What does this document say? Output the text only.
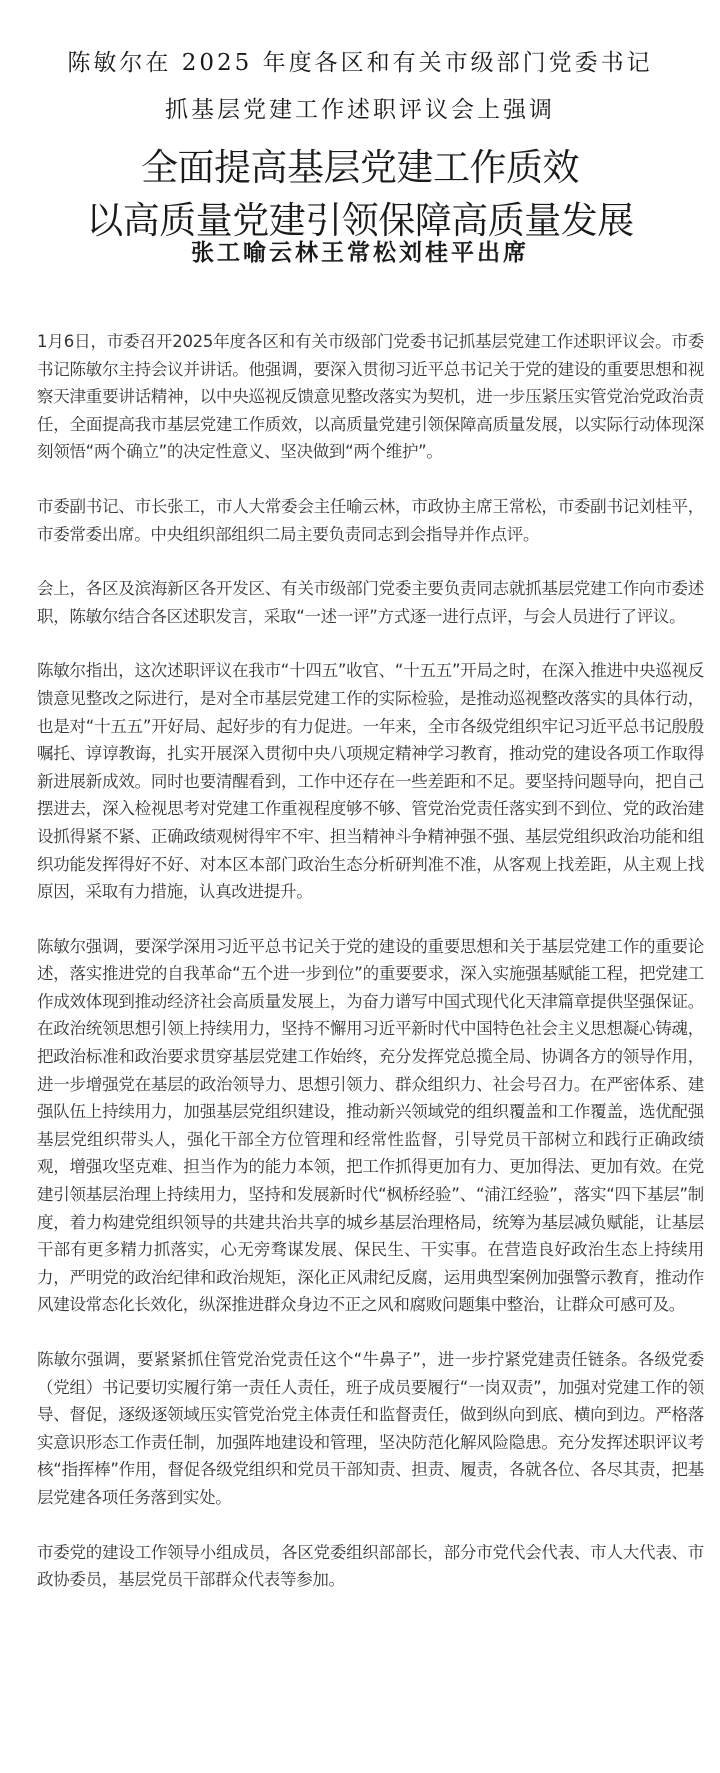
陈敏尔在 2025 年度各区和有关市级部门党委书记
抓基层党建工作述职评议会上强调
全面提高基层党建工作质效
以高质量党建引领保障高质量发展
张工喻云林王常松刘桂平出席

1月6日，市委召开2025年度各区和有关市级部门党委书记抓基层党建工作述职评议会。市委书记陈敏尔主持会议并讲话。他强调，要深入贯彻习近平总书记关于党的建设的重要思想和视察天津重要讲话精神，以中央巡视反馈意见整改落实为契机，进一步压紧压实管党治党政治责任，全面提高我市基层党建工作质效，以高质量党建引领保障高质量发展，以实际行动体现深刻领悟“两个确立”的决定性意义、坚决做到“两个维护”。

市委副书记、市长张工，市人大常委会主任喻云林，市政协主席王常松，市委副书记刘桂平，市委常委出席。中央组织部组织二局主要负责同志到会指导并作点评。

会上，各区及滨海新区各开发区、有关市级部门党委主要负责同志就抓基层党建工作向市委述职，陈敏尔结合各区述职发言，采取“一述一评”方式逐一进行点评，与会人员进行了评议。

陈敏尔指出，这次述职评议在我市“十四五”收官、“十五五”开局之时，在深入推进中央巡视反馈意见整改之际进行，是对全市基层党建工作的实际检验，是推动巡视整改落实的具体行动，也是对“十五五”开好局、起好步的有力促进。一年来，全市各级党组织牢记习近平总书记殷殷嘱托、谆谆教诲，扎实开展深入贯彻中央八项规定精神学习教育，推动党的建设各项工作取得新进展新成效。同时也要清醒看到，工作中还存在一些差距和不足。要坚持问题导向，把自己摆进去，深入检视思考对党建工作重视程度够不够、管党治党责任落实到不到位、党的政治建设抓得紧不紧、正确政绩观树得牢不牢、担当精神斗争精神强不强、基层党组织政治功能和组织功能发挥得好不好、对本区本部门政治生态分析研判准不准，从客观上找差距，从主观上找原因，采取有力措施，认真改进提升。

陈敏尔强调，要深学深用习近平总书记关于党的建设的重要思想和关于基层党建工作的重要论述，落实推进党的自我革命“五个进一步到位”的重要要求，深入实施强基赋能工程，把党建工作成效体现到推动经济社会高质量发展上，为奋力谱写中国式现代化天津篇章提供坚强保证。在政治统领思想引领上持续用力，坚持不懈用习近平新时代中国特色社会主义思想凝心铸魂，把政治标准和政治要求贯穿基层党建工作始终，充分发挥党总揽全局、协调各方的领导作用，进一步增强党在基层的政治领导力、思想引领力、群众组织力、社会号召力。在严密体系、建强队伍上持续用力，加强基层党组织建设，推动新兴领域党的组织覆盖和工作覆盖，选优配强基层党组织带头人，强化干部全方位管理和经常性监督，引导党员干部树立和践行正确政绩观，增强攻坚克难、担当作为的能力本领，把工作抓得更加有力、更加得法、更加有效。在党建引领基层治理上持续用力，坚持和发展新时代“枫桥经验”、“浦江经验”，落实“四下基层”制度，着力构建党组织领导的共建共治共享的城乡基层治理格局，统筹为基层减负赋能，让基层干部有更多精力抓落实，心无旁骛谋发展、保民生、干实事。在营造良好政治生态上持续用力，严明党的政治纪律和政治规矩，深化正风肃纪反腐，运用典型案例加强警示教育，推动作风建设常态化长效化，纵深推进群众身边不正之风和腐败问题集中整治，让群众可感可及。

陈敏尔强调，要紧紧抓住管党治党责任这个“牛鼻子”，进一步拧紧党建责任链条。各级党委（党组）书记要切实履行第一责任人责任，班子成员要履行“一岗双责”，加强对党建工作的领导、督促，逐级逐领域压实管党治党主体责任和监督责任，做到纵向到底、横向到边。严格落实意识形态工作责任制，加强阵地建设和管理，坚决防范化解风险隐患。充分发挥述职评议考核“指挥棒”作用，督促各级党组织和党员干部知责、担责、履责，各就各位、各尽其责，把基层党建各项任务落到实处。

市委党的建设工作领导小组成员，各区党委组织部部长，部分市党代会代表、市人大代表、市政协委员，基层党员干部群众代表等参加。
